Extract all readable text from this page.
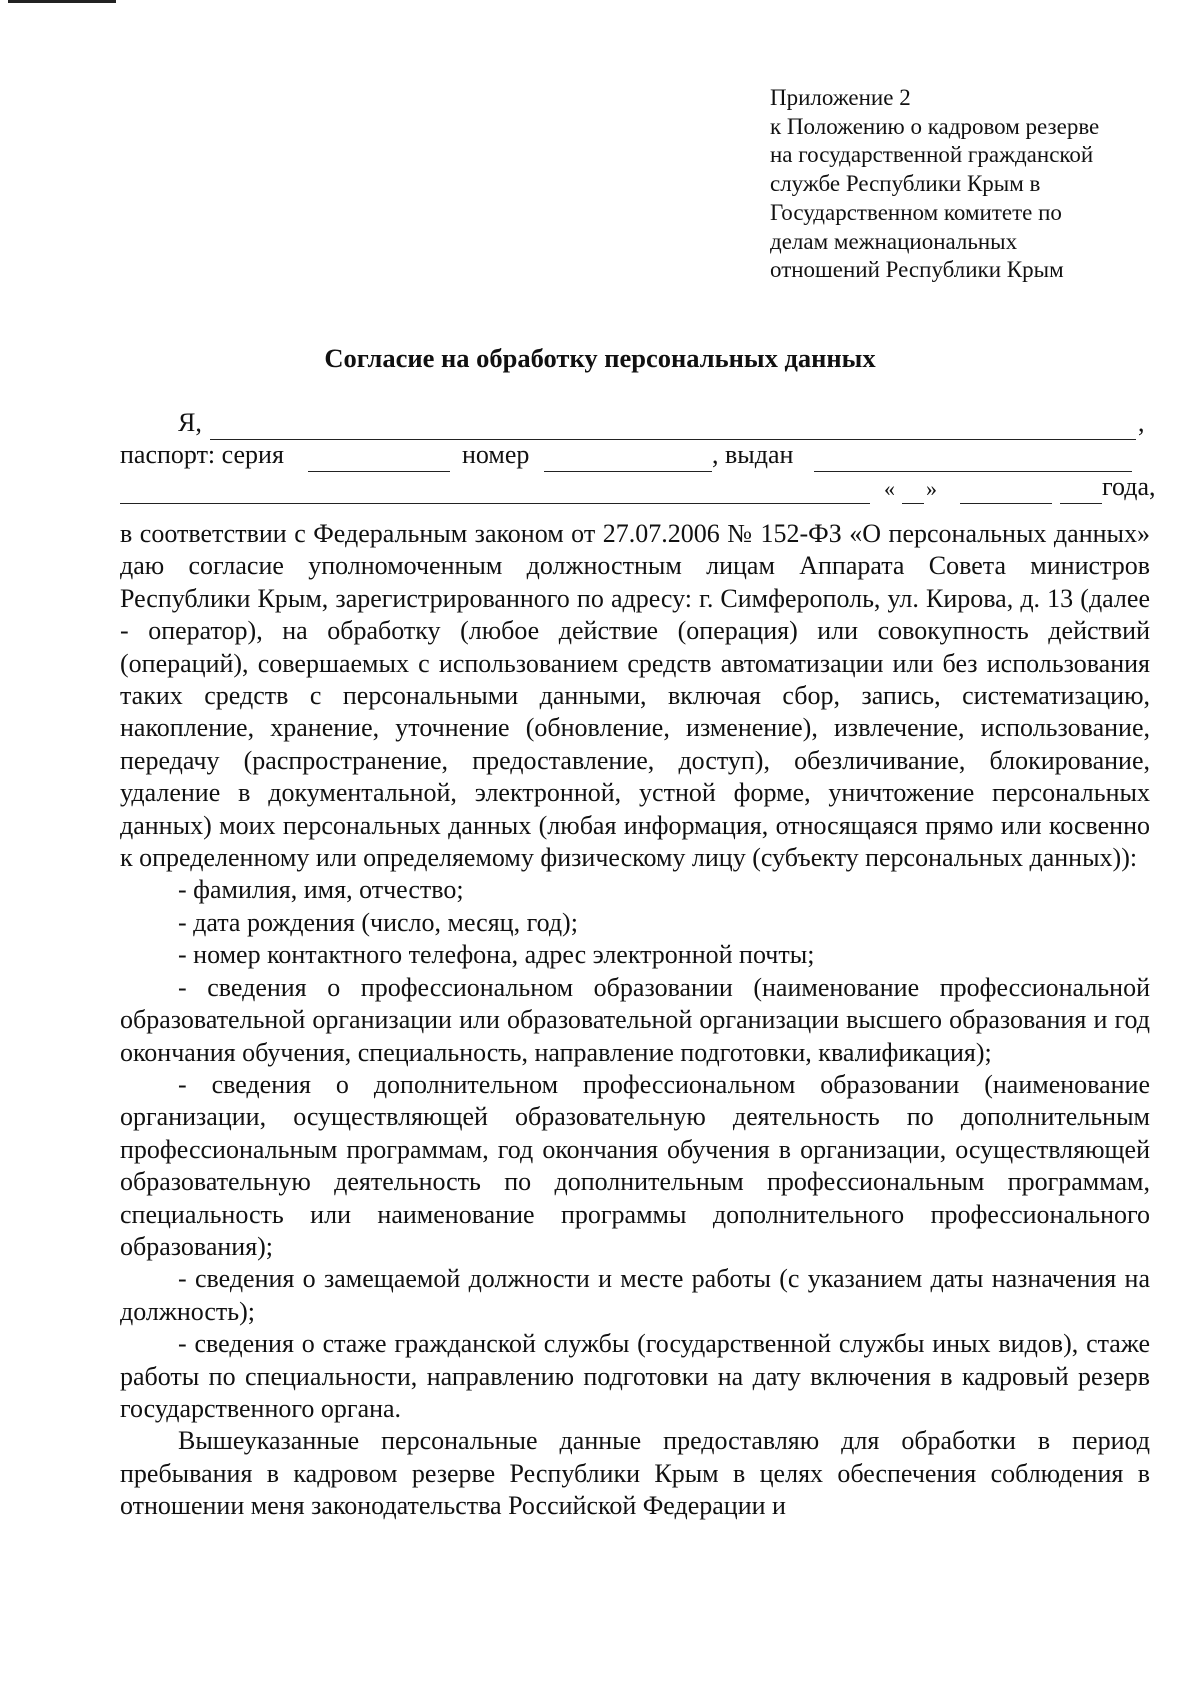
Приложение 2
к Положению о кадровом резерве
на государственной гражданской
службе Республики Крым в
Государственном комитете по
делам межнациональных
отношений Республики Крым
Согласие на обработку персональных данных
Я,	,
паспорт: серия	номер	, выдан
« »	года,

в соответствии с Федеральным законом от 27.07.2006 № 152-ФЗ «О персональных данных» даю согласие уполномоченным должностным лицам Аппарата Совета министров Республики Крым, зарегистрированного по адресу: г. Симферополь, ул. Кирова, д. 13 (далее - оператор), на обработку (любое действие (операция) или совокупность действий (операций), совершаемых с использованием средств автоматизации или без использования таких средств с персональными данными, включая сбор, запись, систематизацию, накопление, хранение, уточнение (обновление, изменение), извлечение, использование, передачу (распространение, предоставление, доступ), обезличивание, блокирование, удаление в документальной, электронной, устной форме, уничтожение персональных данных) моих персональных данных (любая информация, относящаяся прямо или косвенно к определенному или определяемому физическому лицу (субъекту персональных данных)):

- фамилия, имя, отчество;

- дата рождения (число, месяц, год);

- номер контактного телефона, адрес электронной почты;

- сведения о профессиональном образовании (наименование профессиональной образовательной организации или образовательной организации высшего образования и год окончания обучения, специальность, направление подготовки, квалификация);

- сведения о дополнительном профессиональном образовании (наименование организации, осуществляющей образовательную деятельность по дополнительным профессиональным программам, год окончания обучения в организации, осуществляющей образовательную деятельность по дополнительным профессиональным программам, специальность или наименование программы дополнительного профессионального образования);

- сведения о замещаемой должности и месте работы (с указанием даты назначения на должность);

- сведения о стаже гражданской службы (государственной службы иных видов), стаже работы по специальности, направлению подготовки на дату включения в кадровый резерв государственного органа.

Вышеуказанные персональные данные предоставляю для обработки в период пребывания в кадровом резерве Республики Крым в целях обеспечения соблюдения в отношении меня законодательства Российской Федерации и
